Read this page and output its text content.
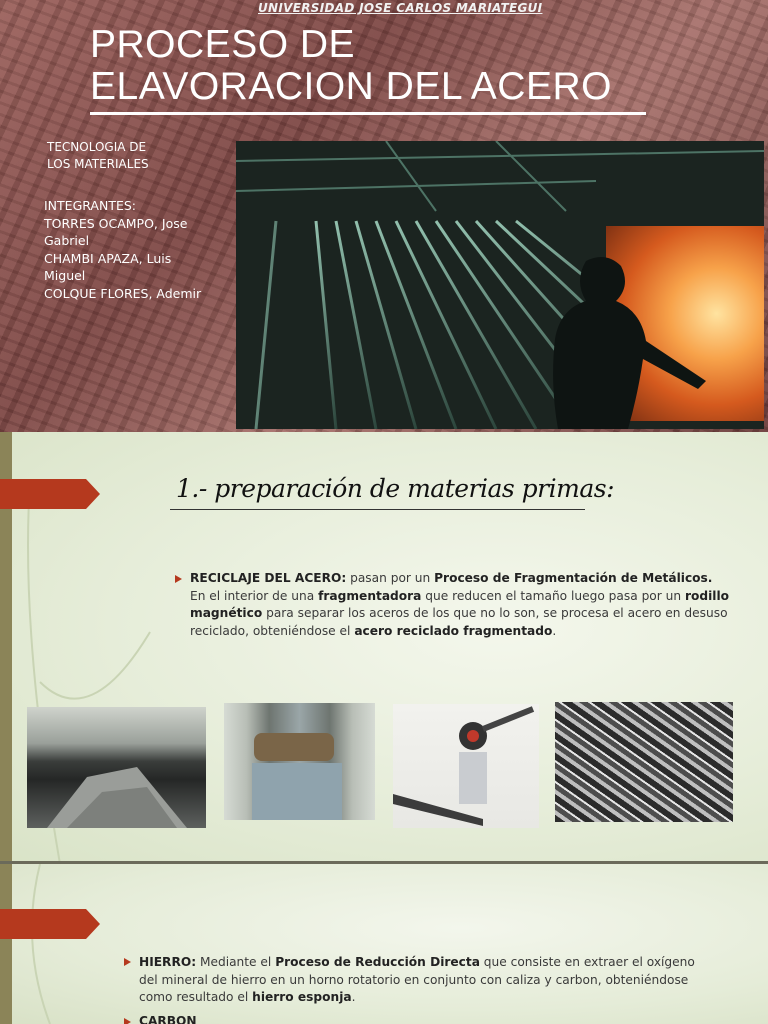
UNIVERSIDAD JOSE CARLOS MARIATEGUI
PROCESO DE
ELAVORACION DEL ACERO
TECNOLOGIA DE
LOS MATERIALES
INTEGRANTES:
TORRES OCAMPO, Jose
Gabriel
CHAMBI APAZA, Luis
Miguel
COLQUE FLORES, Ademir
1.- preparación de materias primas:
RECICLAJE DEL ACERO: pasan por un Proceso de Fragmentación de Metálicos. En el interior de una fragmentadora que reducen el tamaño luego pasa por un rodillo magnético para separar los aceros de los que no lo son, se procesa el acero en desuso reciclado, obteniéndose el acero reciclado fragmentado.
HIERRO: Mediante el Proceso de Reducción Directa que consiste en extraer el oxígeno del mineral de hierro en un horno rotatorio en conjunto con caliza y carbon, obteniéndose como resultado el hierro esponja.
CARBON
